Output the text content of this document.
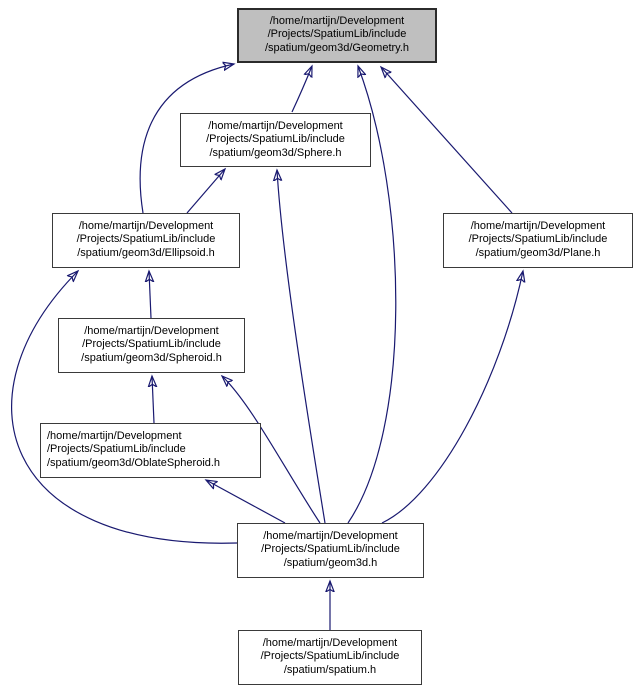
/home/martijn/Development
/Projects/SpatiumLib/include
/spatium/geom3d/Geometry.h
/home/martijn/Development
/Projects/SpatiumLib/include
/spatium/geom3d/Sphere.h
/home/martijn/Development
/Projects/SpatiumLib/include
/spatium/geom3d/Ellipsoid.h
/home/martijn/Development
/Projects/SpatiumLib/include
/spatium/geom3d/Plane.h
/home/martijn/Development
/Projects/SpatiumLib/include
/spatium/geom3d/Spheroid.h
/home/martijn/Development
/Projects/SpatiumLib/include
/spatium/geom3d/OblateSpheroid.h
/home/martijn/Development
/Projects/SpatiumLib/include
/spatium/geom3d.h
/home/martijn/Development
/Projects/SpatiumLib/include
/spatium/spatium.h
